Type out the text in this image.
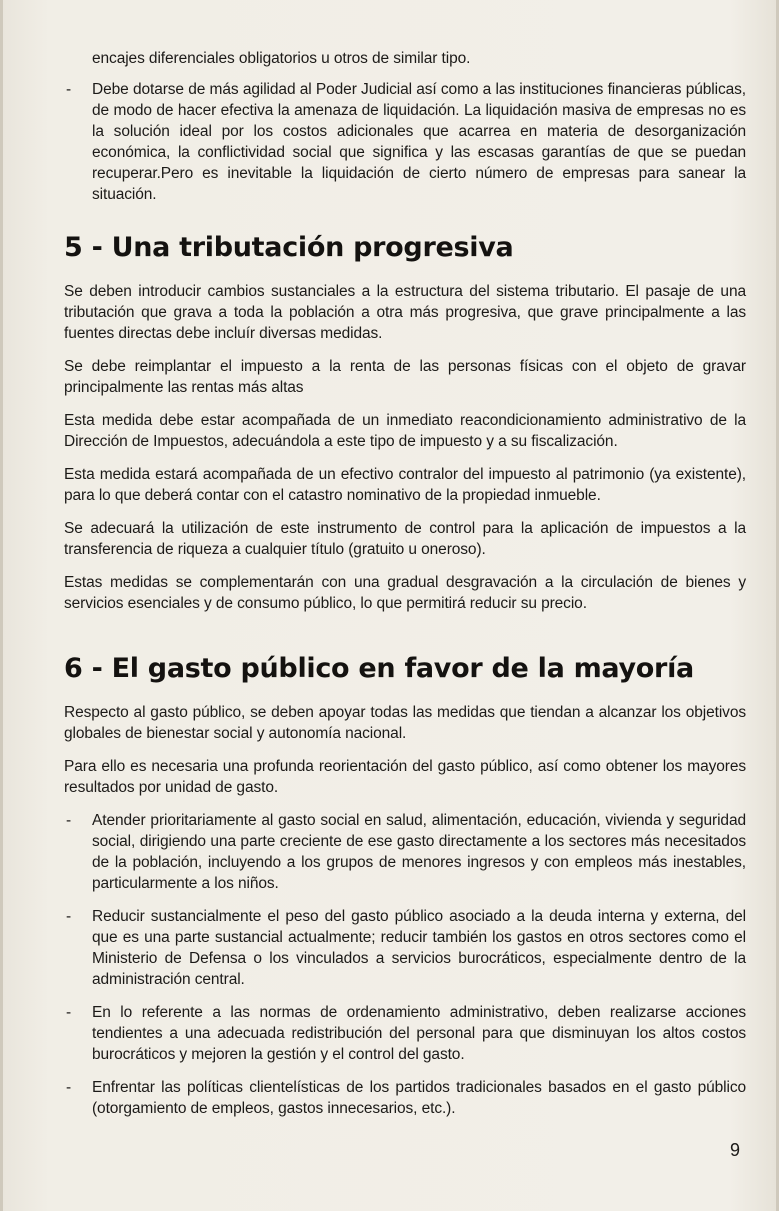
encajes diferenciales obligatorios u otros de similar tipo.

- Debe dotarse de más agilidad al Poder Judicial así como a las instituciones financieras públicas, de modo de hacer efectiva la amenaza de liquidación. La liquidación masiva de empresas no es la solución ideal por los costos adicionales que acarrea en materia de desorganización económica, la conflictividad social que significa y las escasas garantías de que se puedan recuperar.Pero es inevitable la liquidación de cierto número de empresas para sanear la situación.

5 - Una tributación progresiva

Se deben introducir cambios sustanciales a la estructura del sistema tributario. El pasaje de una tributación que grava a toda la población a otra más progresiva, que grave principalmente a las fuentes directas debe incluír diversas medidas.

Se debe reimplantar el impuesto a la renta de las personas físicas con el objeto de gravar principalmente las rentas más altas

Esta medida debe estar acompañada de un inmediato reacondicionamiento administrativo de la Dirección de Impuestos, adecuándola a este tipo de impuesto y a su fiscalización.

Esta medida estará acompañada de un efectivo contralor del impuesto al patrimonio (ya existente), para lo que deberá contar con el catastro nominativo de la propiedad inmueble.

Se adecuará la utilización de este instrumento de control para la aplicación de impuestos a la transferencia de riqueza a cualquier título (gratuito u oneroso).

Estas medidas se complementarán con una gradual desgravación a la circulación de bienes y servicios esenciales y de consumo público, lo que permitirá reducir su precio.

6 - El gasto público en favor de la mayoría

Respecto al gasto público, se deben apoyar todas las medidas que tiendan a alcanzar los objetivos globales de bienestar social y autonomía nacional.

Para ello es necesaria una profunda reorientación del gasto público, así como obtener los mayores resultados por unidad de gasto.

- Atender prioritariamente al gasto social en salud, alimentación, educación, vivienda y seguridad social, dirigiendo una parte creciente de ese gasto directamente a los sectores más necesitados de la población, incluyendo a los grupos de menores ingresos y con empleos más inestables, particularmente a los niños.

- Reducir sustancialmente el peso del gasto público asociado a la deuda interna y externa, del que es una parte sustancial actualmente; reducir también los gastos en otros sectores como el Ministerio de Defensa o los vinculados a servicios burocráticos, especialmente dentro de la administración central.

- En lo referente a las normas de ordenamiento administrativo, deben realizarse acciones tendientes a una adecuada redistribución del personal para que disminuyan los altos costos burocráticos y mejoren la gestión y el control del gasto.

- Enfrentar las políticas clientelísticas de los partidos tradicionales basados en el gasto público (otorgamiento de empleos, gastos innecesarios, etc.).

9
